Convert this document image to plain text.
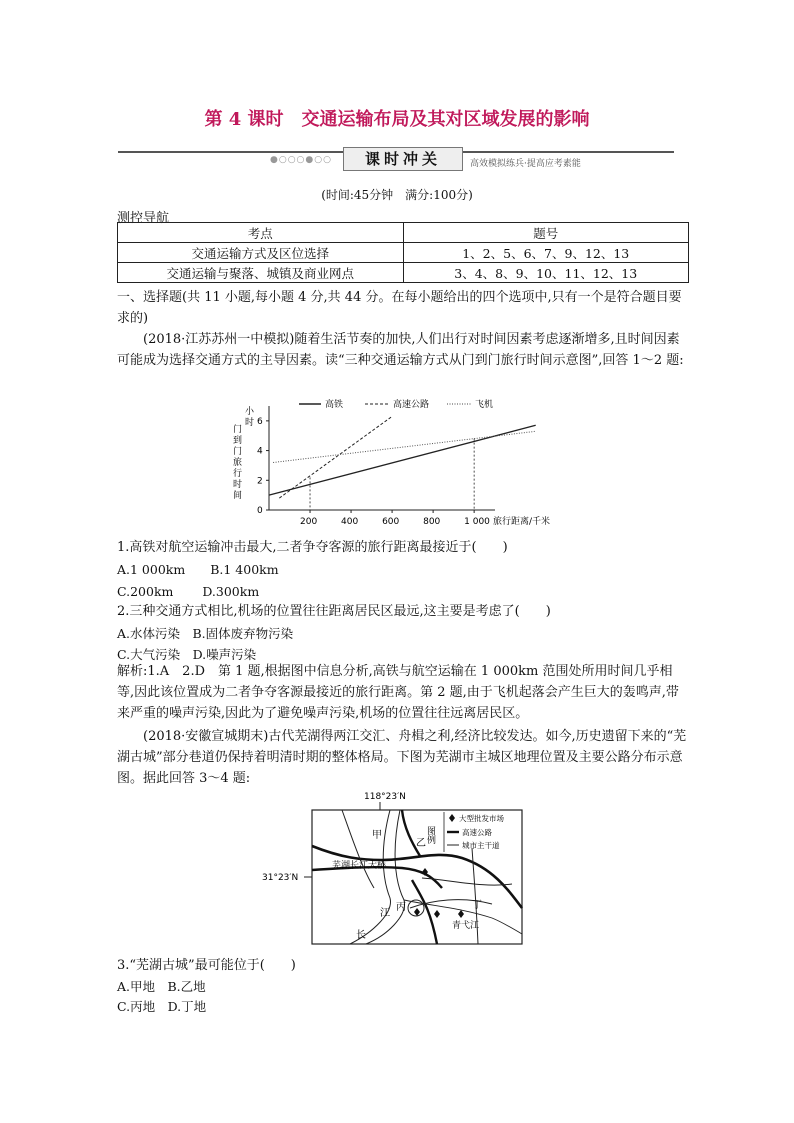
第 4 课时　交通运输布局及其对区域发展的影响
●○○○●○○	课时冲关	高效模拟练兵·提高应考素能
(时间:45分钟　满分:100分)
测控导航
考点	题号
交通运输方式及区位选择	1、2、5、6、7、9、12、13
交通运输与聚落、城镇及商业网点	3、4、8、9、10、11、12、13
一、选择题(共 11 小题,每小题 4 分,共 44 分。在每小题给出的四个选项中,只有一个是符合题目要求的)
(2018·江苏苏州一中模拟)随着生活节奏的加快,人们出行对时间因素考虑逐渐增多,且时间因素可能成为选择交通方式的主导因素。读“三种交通运输方式从门到门旅行时间示意图”,回答 1～2 题:
门
到
门
旅
行
时
间
小
时
0
2
4
6
200	400	600	800	1 000 旅行距离/千米
高铁	高速公路	飞机
1.高铁对航空运输冲击最大,二者争夺客源的旅行距离最接近于(　　)
A.1 000km　　B.1 400km
C.200km　　 D.300km
2.三种交通方式相比,机场的位置往往距离居民区最远,这主要是考虑了(　　)
A.水体污染　B.固体废弃物污染
C.大气污染　D.噪声污染
解析:1.A　2.D　第 1 题,根据图中信息分析,高铁与航空运输在 1 000km 范围处所用时间几乎相等,因此该位置成为二者争夺客源最接近的旅行距离。第 2 题,由于飞机起落会产生巨大的轰鸣声,带来严重的噪声污染,因此为了避免噪声污染,机场的位置往往远离居民区。
(2018·安徽宣城期末)古代芜湖得两江交汇、舟楫之利,经济比较发达。如今,历史遗留下来的“芜湖古城”部分巷道仍保持着明清时期的整体格局。下图为芜湖市主城区地理位置及主要公路分布示意图。据此回答 3～4 题:
118°23′N
31°23′N
图例
大型批发市场
高速公路
城市主干道
甲
乙
丙	丁
芜湖长江大桥
长
江
青弋江
3.“芜湖古城”最可能位于(　　)
A.甲地　B.乙地
C.丙地　D.丁地
